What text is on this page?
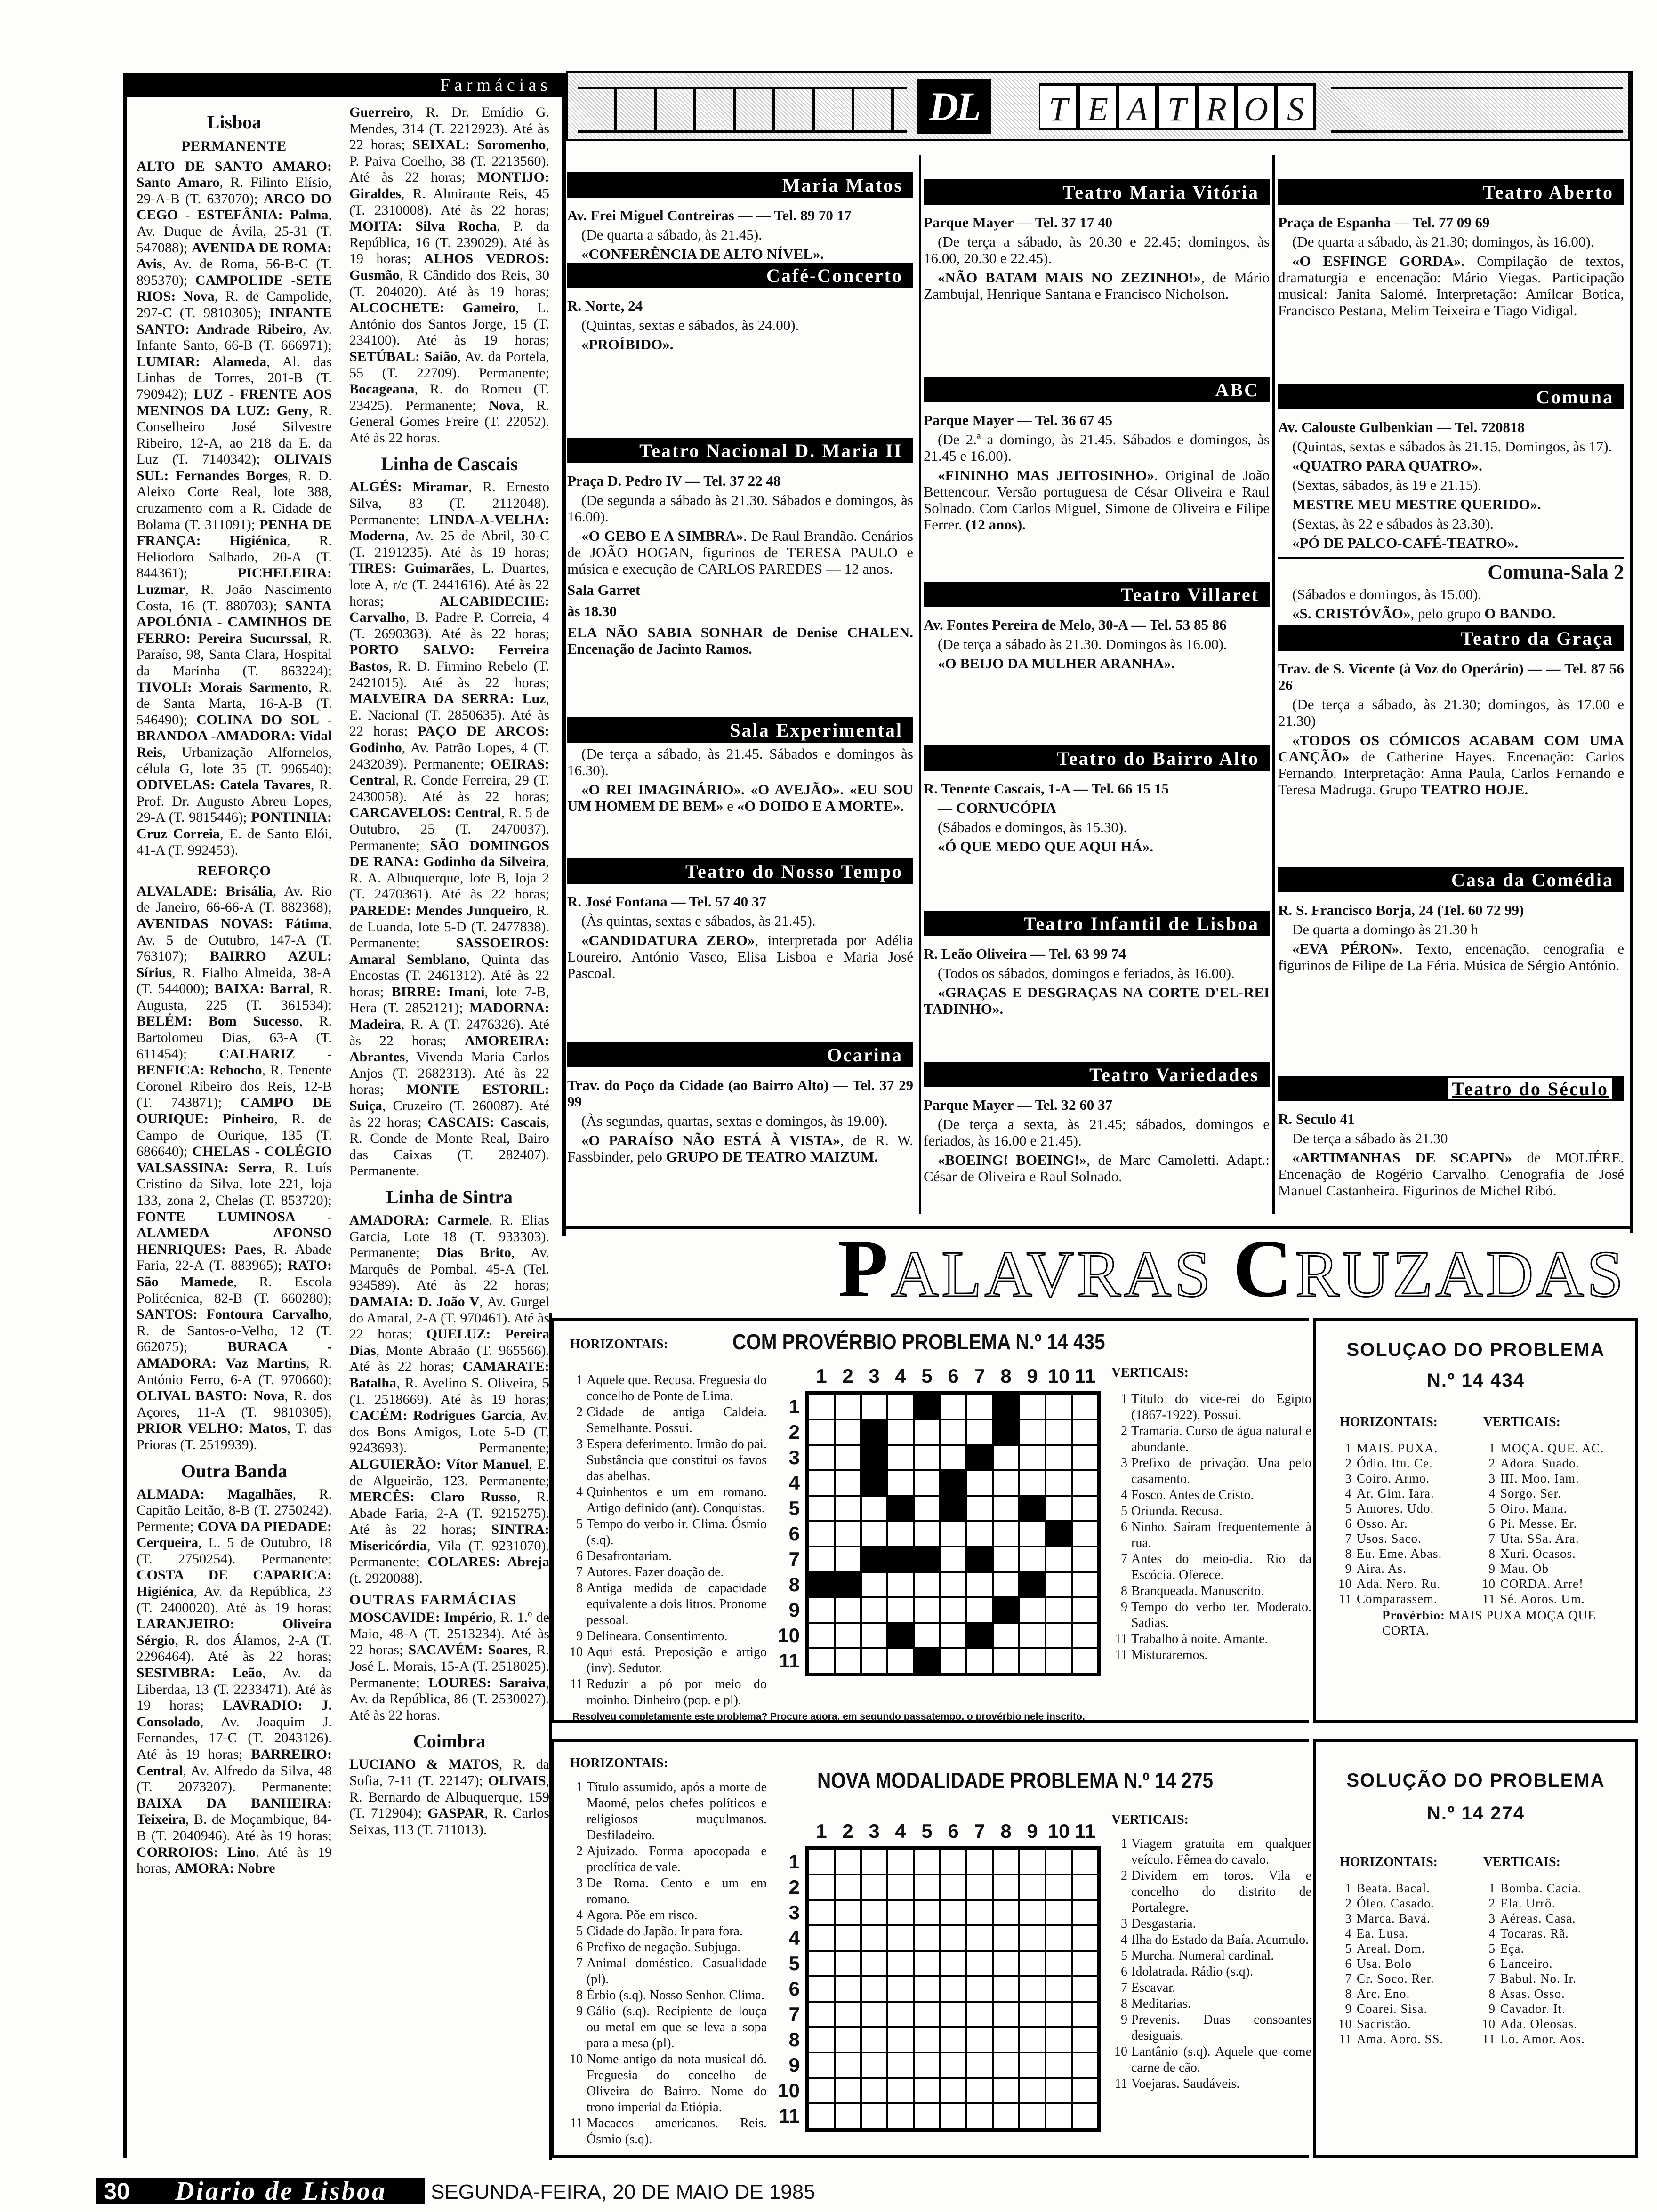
Farmácias
Lisboa
PERMANENTE

ALTO DE SANTO AMARO: Santo Amaro, R. Filinto Elísio, 29-A-B (T. 637070); ARCO DO CEGO - ESTEFÂNIA: Palma, Av. Duque de Ávila, 25-31 (T. 547088); AVENIDA DE ROMA: Avis, Av. de Roma, 56-B-C (T. 895370); CAMPOLIDE -SETE RIOS: Nova, R. de Campolide, 297-C (T. 9810305); INFANTE SANTO: Andrade Ribeiro, Av. Infante Santo, 66-B (T. 666971); LUMIAR: Alameda, Al. das Linhas de Torres, 201-B (T. 790942); LUZ - FRENTE AOS MENINOS DA LUZ: Geny, R. Conselheiro José Silvestre Ribeiro, 12-A, ao 218 da E. da Luz (T. 7140342); OLIVAIS SUL: Fernandes Borges, R. D. Aleixo Corte Real, lote 388, cruzamento com a R. Cidade de Bolama (T. 311091); PENHA DE FRANÇA: Higiénica, R. Heliodoro Salbado, 20-A (T. 844361); PICHELEIRA: Luzmar, R. João Nascimento Costa, 16 (T. 880703); SANTA APOLÓNIA - CAMINHOS DE FERRO: Pereira Sucurssal, R. Paraíso, 98, Santa Clara, Hospital da Marinha (T. 863224); TIVOLI: Morais Sarmento, R. de Santa Marta, 16-A-B (T. 546490); COLINA DO SOL - BRANDOA -AMADORA: Vidal Reis, Urbanização Alfornelos, célula G, lote 35 (T. 996540); ODIVELAS: Catela Tavares, R. Prof. Dr. Augusto Abreu Lopes, 29-A (T. 9815446); PONTINHA: Cruz Correia, E. de Santo Elói, 41-A (T. 992453).

REFORÇO

ALVALADE: Brisália, Av. Rio de Janeiro, 66-66-A (T. 882368); AVENIDAS NOVAS: Fátima, Av. 5 de Outubro, 147-A (T. 763107); BAIRRO AZUL: Sírius, R. Fialho Almeida, 38-A (T. 544000); BAIXA: Barral, R. Augusta, 225 (T. 361534); BELÉM: Bom Sucesso, R. Bartolomeu Dias, 63-A (T. 611454); CALHARIZ -BENFICA: Rebocho, R. Tenente Coronel Ribeiro dos Reis, 12-B (T. 743871); CAMPO DE OURIQUE: Pinheiro, R. de Campo de Ourique, 135 (T. 686640); CHELAS - COLÉGIO VALSASSINA: Serra, R. Luís Cristino da Silva, lote 221, loja 133, zona 2, Chelas (T. 853720); FONTE LUMINOSA - ALAMEDA AFONSO HENRIQUES: Paes, R. Abade Faria, 22-A (T. 883965); RATO: São Mamede, R. Escola Politécnica, 82-B (T. 660280); SANTOS: Fontoura Carvalho, R. de Santos-o-Velho, 12 (T. 662075); BURACA - AMADORA: Vaz Martins, R. António Ferro, 6-A (T. 970660); OLIVAL BASTO: Nova, R. dos Açores, 11-A (T. 9810305); PRIOR VELHO: Matos, T. das Prioras (T. 2519939).

Outra Banda

ALMADA: Magalhães, R. Capitão Leitão, 8-B (T. 2750242). Permente; COVA DA PIEDADE: Cerqueira, L. 5 de Outubro, 18 (T. 2750254). Permanente; COSTA DE CAPARICA: Higiénica, Av. da República, 23 (T. 2400020). Até às 19 horas; LARANJEIRO: Oliveira Sérgio, R. dos Álamos, 2-A (T. 2296464). Até às 22 horas; SESIMBRA: Leão, Av. da Liberdaa, 13 (T. 2233471). Até às 19 horas; LAVRADIO: J. Consolado, Av. Joaquim J. Fernandes, 17-C (T. 2043126). Até às 19 horas; BARREIRO: Central, Av. Alfredo da Silva, 48 (T. 2073207). Permanente; BAIXA DA BANHEIRA: Teixeira, B. de Moçambique, 84-B (T. 2040946). Até às 19 horas; CORROIOS: Lino. Até às 19 horas; AMORA: Nobre

Guerreiro, R. Dr. Emídio G. Mendes, 314 (T. 2212923). Até às 22 horas; SEIXAL: Soromenho, P. Paiva Coelho, 38 (T. 2213560). Até às 22 horas; MONTIJO: Giraldes, R. Almirante Reis, 45 (T. 2310008). Até às 22 horas; MOITA: Silva Rocha, P. da República, 16 (T. 239029). Até às 19 horas; ALHOS VEDROS: Gusmão, R Cândido dos Reis, 30 (T. 204020). Até às 19 horas; ALCOCHETE: Gameiro, L. António dos Santos Jorge, 15 (T. 234100). Até às 19 horas; SETÚBAL: Saião, Av. da Portela, 55 (T. 22709). Permanente; Bocageana, R. do Romeu (T. 23425). Permanente; Nova, R. General Gomes Freire (T. 22052). Até às 22 horas.

Linha de Cascais

ALGÉS: Miramar, R. Ernesto Silva, 83 (T. 2112048). Permanente; LINDA-A-VELHA: Moderna, Av. 25 de Abril, 30-C (T. 2191235). Até às 19 horas; TIRES: Guimarães, L. Duartes, lote A, r/c (T. 2441616). Até às 22 horas; ALCABIDECHE: Carvalho, B. Padre P. Correia, 4 (T. 2690363). Até às 22 horas; PORTO SALVO: Ferreira Bastos, R. D. Firmino Rebelo (T. 2421015). Até às 22 horas; MALVEIRA DA SERRA: Luz, E. Nacional (T. 2850635). Até às 22 horas; PAÇO DE ARCOS: Godinho, Av. Patrão Lopes, 4 (T. 2432039). Permanente; OEIRAS: Central, R. Conde Ferreira, 29 (T. 2430058). Até às 22 horas; CARCAVELOS: Central, R. 5 de Outubro, 25 (T. 2470037). Permanente; SÃO DOMINGOS DE RANA: Godinho da Silveira, R. A. Albuquerque, lote B, loja 2 (T. 2470361). Até às 22 horas; PAREDE: Mendes Junqueiro, R. de Luanda, lote 5-D (T. 2477838). Permanente; SASSOEIROS: Amaral Semblano, Quinta das Encostas (T. 2461312). Até às 22 horas; BIRRE: Imani, lote 7-B, Hera (T. 2852121); MADORNA: Madeira, R. A (T. 2476326). Até às 22 horas; AMOREIRA: Abrantes, Vivenda Maria Carlos Anjos (T. 2682313). Até às 22 horas; MONTE ESTORIL: Suiça, Cruzeiro (T. 260087). Até às 22 horas; CASCAIS: Cascais, R. Conde de Monte Real, Bairo das Caixas (T. 282407). Permanente.

Linha de Sintra

AMADORA: Carmele, R. Elias Garcia, Lote 18 (T. 933303). Permanente; Dias Brito, Av. Marquês de Pombal, 45-A (Tel. 934589). Até às 22 horas; DAMAIA: D. João V, Av. Gurgel do Amaral, 2-A (T. 970461). Até às 22 horas; QUELUZ: Pereira Dias, Monte Abraão (T. 965566). Até às 22 horas; CAMARATE: Batalha, R. Avelino S. Oliveira, 5 (T. 2518669). Até às 19 horas; CACÉM: Rodrigues Garcia, Av. dos Bons Amigos, Lote 5-D (T. 9243693). Permanente; ALGUIERÃO: Vítor Manuel, E. de Algueirão, 123. Permanente; MERCÊS: Claro Russo, R. Abade Faria, 2-A (T. 9215275). Até às 22 horas; SINTRA: Misericórdia, Vila (T. 9231070). Permanente; COLARES: Abreja (t. 2920088).

OUTRAS FARMÁCIAS

MOSCAVIDE: Império, R. 1.º de Maio, 48-A (T. 2513234). Até às 22 horas; SACAVÉM: Soares, R. José L. Morais, 15-A (T. 2518025). Permanente; LOURES: Saraiva, Av. da República, 86 (T. 2530027). Até às 22 horas.

Coimbra

LUCIANO & MATOS, R. da Sofia, 7-11 (T. 22147); OLIVAIS, R. Bernardo de Albuquerque, 159 (T. 712904); GASPAR, R. Carlos Seixas, 113 (T. 711013).

DL	T E A T R O S
Maria Matos
Av. Frei Miguel Contreiras — — Tel. 89 70 17
(De quarta a sábado, às 21.45).
«CONFERÊNCIA DE ALTO NÍVEL».
Café-Concerto
R. Norte, 24
(Quintas, sextas e sábados, às 24.00).
«PROÍBIDO».
Teatro Nacional D. Maria II
Praça D. Pedro IV — Tel. 37 22 48
(De segunda a sábado às 21.30. Sábados e domingos, às 16.00).
«O GEBO E A SIMBRA». De Raul Brandão. Cenários de JOÃO HOGAN, figurinos de TERESA PAULO e música e execução de CARLOS PAREDES — 12 anos.
Sala Garret
às 18.30
ELA NÃO SABIA SONHAR de Denise CHALEN. Encenação de Jacinto Ramos.
Sala Experimental
(De terça a sábado, às 21.45. Sábados e domingos às 16.30).
«O REI IMAGINÁRIO». «O AVEJÃO». «EU SOU UM HOMEM DE BEM» e «O DOIDO E A MORTE».
Teatro do Nosso Tempo
R. José Fontana — Tel. 57 40 37
(Às quintas, sextas e sábados, às 21.45).
«CANDIDATURA ZERO», interpretada por Adélia Loureiro, António Vasco, Elisa Lisboa e Maria José Pascoal.
Ocarina
Trav. do Poço da Cidade (ao Bairro Alto) — Tel. 37 29 99
(Às segundas, quartas, sextas e domingos, às 19.00).
«O PARAÍSO NÃO ESTÁ À VISTA», de R. W. Fassbinder, pelo GRUPO DE TEATRO MAIZUM.
Teatro Maria Vitória
Parque Mayer — Tel. 37 17 40
(De terça a sábado, às 20.30 e 22.45; domingos, às 16.00, 20.30 e 22.45).
«NÃO BATAM MAIS NO ZEZINHO!», de Mário Zambujal, Henrique Santana e Francisco Nicholson.
ABC
Parque Mayer — Tel. 36 67 45
(De 2.ª a domingo, às 21.45. Sábados e domingos, às 21.45 e 16.00).
«FININHO MAS JEITOSINHO». Original de João Bettencour. Versão portuguesa de César Oliveira e Raul Solnado. Com Carlos Miguel, Simone de Oliveira e Filipe Ferrer. (12 anos).
Teatro Villaret
Av. Fontes Pereira de Melo, 30-A — Tel. 53 85 86
(De terça a sábado às 21.30. Domingos às 16.00).
«O BEIJO DA MULHER ARANHA».
Teatro do Bairro Alto
R. Tenente Cascais, 1-A — Tel. 66 15 15
— CORNUCÓPIA
(Sábados e domingos, às 15.30).
«Ó QUE MEDO QUE AQUI HÁ».
Teatro Infantil de Lisboa
R. Leão Oliveira — Tel. 63 99 74
(Todos os sábados, domingos e feriados, às 16.00).
«GRAÇAS E DESGRAÇAS NA CORTE D'EL-REI TADINHO».
Teatro Variedades
Parque Mayer — Tel. 32 60 37
(De terça a sexta, às 21.45; sábados, domingos e feriados, às 16.00 e 21.45).
«BOEING! BOEING!», de Marc Camoletti. Adapt.: César de Oliveira e Raul Solnado.
Teatro Aberto
Praça de Espanha — Tel. 77 09 69
(De quarta a sábado, às 21.30; domingos, às 16.00).
«O ESFINGE GORDA». Compilação de textos, dramaturgia e encenação: Mário Viegas. Participação musical: Janita Salomé. Interpretação: Amílcar Botica, Francisco Pestana, Melim Teixeira e Tiago Vidigal.
Comuna
Av. Calouste Gulbenkian — Tel. 720818
(Quintas, sextas e sábados às 21.15. Domingos, às 17).
«QUATRO PARA QUATRO».
(Sextas, sábados, às 19 e 21.15).
MESTRE MEU MESTRE QUERIDO».
(Sextas, às 22 e sábados às 23.30).
«PÓ DE PALCO-CAFÉ-TEATRO».
Comuna-Sala 2
(Sábados e domingos, às 15.00).
«S. CRISTÓVÃO», pelo grupo O BANDO.
Teatro da Graça
Trav. de S. Vicente (à Voz do Operário) — — Tel. 87 56 26
(De terça a sábado, às 21.30; domingos, às 17.00 e 21.30)
«TODOS OS CÓMICOS ACABAM COM UMA CANÇÃO» de Catherine Hayes. Encenação: Carlos Fernando. Interpretação: Anna Paula, Carlos Fernando e Teresa Madruga. Grupo TEATRO HOJE.
Casa da Comédia
R. S. Francisco Borja, 24 (Tel. 60 72 99)
De quarta a domingo às 21.30 h
«EVA PÉRON». Texto, encenação, cenografia e figurinos de Filipe de La Féria. Música de Sérgio António.
Teatro do Século
R. Seculo 41
De terça a sábado às 21.30
«ARTIMANHAS DE SCAPIN» de MOLIÉRE. Encenação de Rogério Carvalho. Cenografia de José Manuel Castanheira. Figurinos de Michel Ribó.
PALAVRAS CRUZADAS
COM PROVÉRBIO PROBLEMA N.º 14 435
HORIZONTAIS:
VERTICAIS:
1 Aquele que. Recusa. Freguesia do concelho de Ponte de Lima.
2 Cidade de antiga Caldeia. Semelhante. Possui.
3 Espera deferimento. Irmão do pai. Substância que constitui os favos das abelhas.
4 Quinhentos e um em romano. Artigo definido (ant). Conquistas.
5 Tempo do verbo ir. Clima. Ósmio (s.q).
6 Desafrontariam.
7 Autores. Fazer doação de.
8 Antiga medida de capacidade equivalente a dois litros. Pronome pessoal.
9 Delineara. Consentimento.
10 Aqui está. Preposição e artigo (inv). Sedutor.
11 Reduzir a pó por meio do moinho. Dinheiro (pop. e pl).
1 Título do vice-rei do Egipto (1867-1922). Possui.
2 Tramaria. Curso de água natural e abundante.
3 Prefixo de privação. Una pelo casamento.
4 Fosco. Antes de Cristo.
5 Oriunda. Recusa.
6 Ninho. Saíram frequentemente à rua.
7 Antes do meio-dia. Rio da Escócia. Oferece.
8 Branqueada. Manuscrito.
9 Tempo do verbo ter. Moderato. Sadias.
11 Trabalho à noite. Amante.
11 Misturaremos.
1 2 3 4 5 6 7 8 9 10 11
1
2
3
4
5
6
7
8
9
10
11
Resolveu completamente este problema? Procure agora, em segundo passatempo, o provérbio nele inscrito.
NOVA MODALIDADE PROBLEMA N.º 14 275
HORIZONTAIS:
VERTICAIS:
1 Título assumido, após a morte de Maomé, pelos chefes políticos e religiosos muçulmanos. Desfiladeiro.
2 Ajuizado. Forma apocopada e proclítica de vale.
3 De Roma. Cento e um em romano.
4 Agora. Põe em risco.
5 Cidade do Japão. Ir para fora.
6 Prefixo de negação. Subjuga.
7 Animal doméstico. Casualidade (pl).
8 Érbio (s.q). Nosso Senhor. Clima.
9 Gálio (s.q). Recipiente de louça ou metal em que se leva a sopa para a mesa (pl).
10 Nome antigo da nota musical dó. Freguesia do concelho de Oliveira do Bairro. Nome do trono imperial da Etiópia.
11 Macacos americanos. Reis. Ósmio (s.q).
1 Viagem gratuita em qualquer veículo. Fêmea do cavalo.
2 Dividem em toros. Vila e concelho do distrito de Portalegre.
3 Desgastaria.
4 Ilha do Estado da Baía. Acumulo.
5 Murcha. Numeral cardinal.
6 Idolatrada. Rádio (s.q).
7 Escavar.
8 Meditarias.
9 Prevenis. Duas consoantes desiguais.
10 Lantânio (s.q). Aquele que come carne de cão.
11 Voejaras. Saudáveis.
1 2 3 4 5 6 7 8 9 10 11
1
2
3
4
5
6
7
8
9
10
11
SOLUÇAO DO PROBLEMA
N.º 14 434
HORIZONTAIS:	VERTICAIS:
1 MAIS. PUXA.
2 Ódio. Itu. Ce.
3 Coiro. Armo.
4 Ar. Gim. Iara.
5 Amores. Udo.
6 Osso. Ar.
7 Usos. Saco.
8 Eu. Eme. Abas.
9 Aira. As.
10 Ada. Nero. Ru.
11 Comparassem.
1 MOÇA. QUE. AC.
2 Adora. Suado.
3 III. Moo. Iam.
4 Sorgo. Ser.
5 Oiro. Mana.
6 Pi. Messe. Er.
7 Uta. SSa. Ara.
8 Xuri. Ocasos.
9 Mau. Ob
10 CORDA. Arre!
11 Sé. Aoros. Um.
Provérbio: MAIS PUXA MOÇA QUE CORTA.
SOLUÇÃO DO PROBLEMA
N.º 14 274
HORIZONTAIS:	VERTICAIS:
1 Beata. Bacal.
2 Óleo. Casado.
3 Marca. Bavá.
4 Ea. Lusa.
5 Areal. Dom.
6 Usa. Bolo
7 Cr. Soco. Rer.
8 Arc. Eno.
9 Coarei. Sisa.
10 Sacristão.
11 Ama. Aoro. SS.
1 Bomba. Cacia.
2 Ela. Urrô.
3 Aéreas. Casa.
4 Tocaras. Rã.
5 Eça.
6 Lanceiro.
7 Babul. No. Ir.
8 Asas. Osso.
9 Cavador. It.
10 Ada. Oleosas.
11 Lo. Amor. Aos.
30	Diario de Lisboa	SEGUNDA-FEIRA, 20 DE MAIO DE 1985
